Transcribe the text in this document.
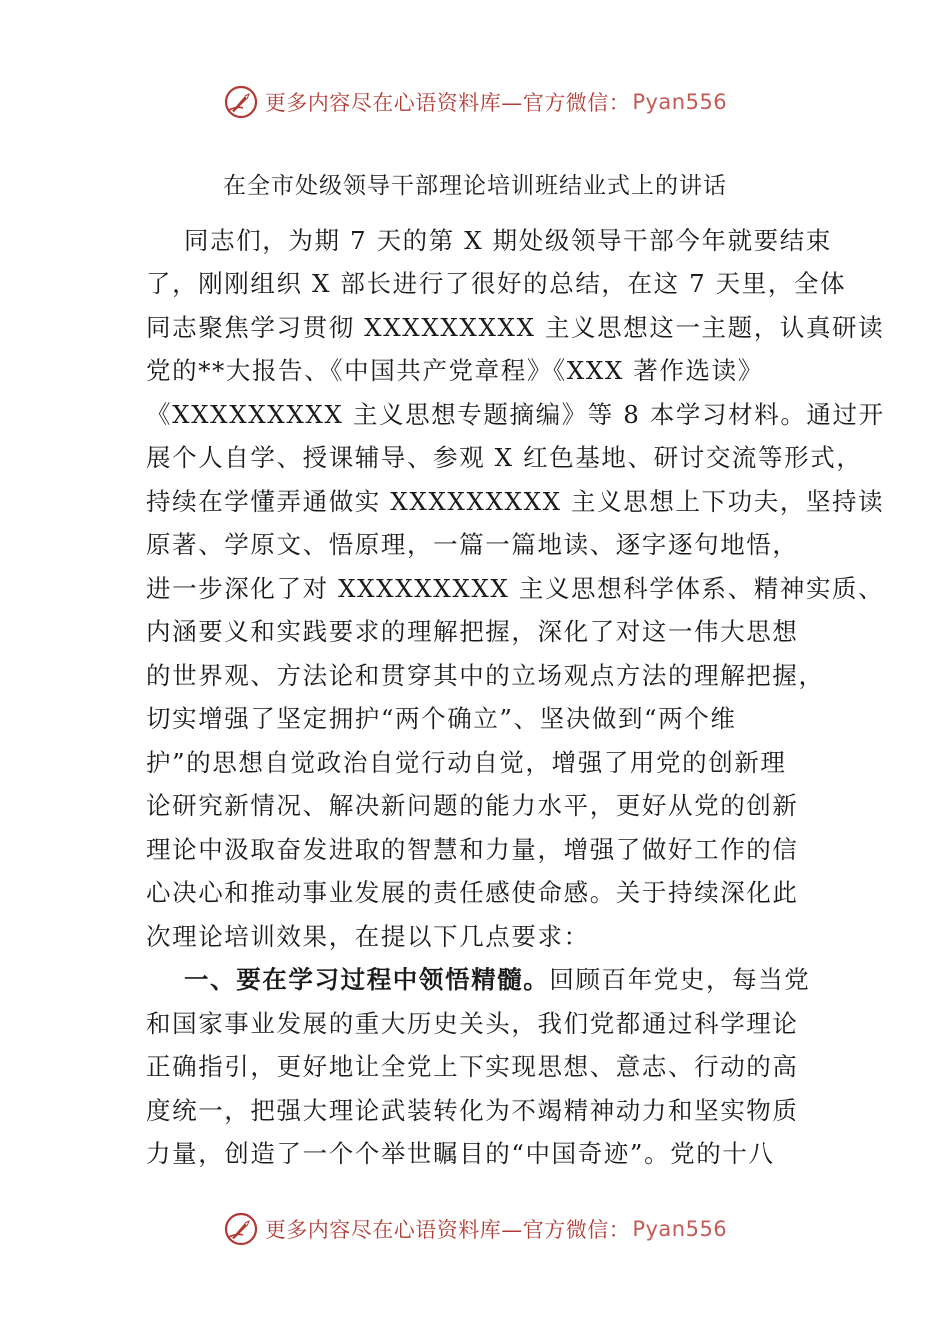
更多内容尽在心语资料库—官方微信： Pyan556
在全市处级领导干部理论培训班结业式上的讲话
同志们，为期 7 天的第 X 期处级领导干部今年就要结束
了，刚刚组织 X 部长进行了很好的总结，在这 7 天里，全体
同志聚焦学习贯彻 XXXXXXXXX 主义思想这一主题，认真研读
党的**大报告、《中国共产党章程》《XXX 著作选读》
《XXXXXXXXX 主义思想专题摘编》等 8 本学习材料。通过开
展个人自学、授课辅导、参观 X 红色基地、研讨交流等形式，
持续在学懂弄通做实 XXXXXXXXX 主义思想上下功夫，坚持读
原著、学原文、悟原理，一篇一篇地读、逐字逐句地悟，
进一步深化了对 XXXXXXXXX 主义思想科学体系、精神实质、
内涵要义和实践要求的理解把握，深化了对这一伟大思想
的世界观、方法论和贯穿其中的立场观点方法的理解把握，
切实增强了坚定拥护“两个确立”、坚决做到“两个维
护”的思想自觉政治自觉行动自觉，增强了用党的创新理
论研究新情况、解决新问题的能力水平，更好从党的创新
理论中汲取奋发进取的智慧和力量，增强了做好工作的信
心决心和推动事业发展的责任感使命感。关于持续深化此
次理论培训效果，在提以下几点要求：
一、要在学习过程中领悟精髓。回顾百年党史，每当党
和国家事业发展的重大历史关头，我们党都通过科学理论
正确指引，更好地让全党上下实现思想、意志、行动的高
度统一，把强大理论武装转化为不竭精神动力和坚实物质
力量，创造了一个个举世瞩目的“中国奇迹”。党的十八
更多内容尽在心语资料库—官方微信： Pyan556
